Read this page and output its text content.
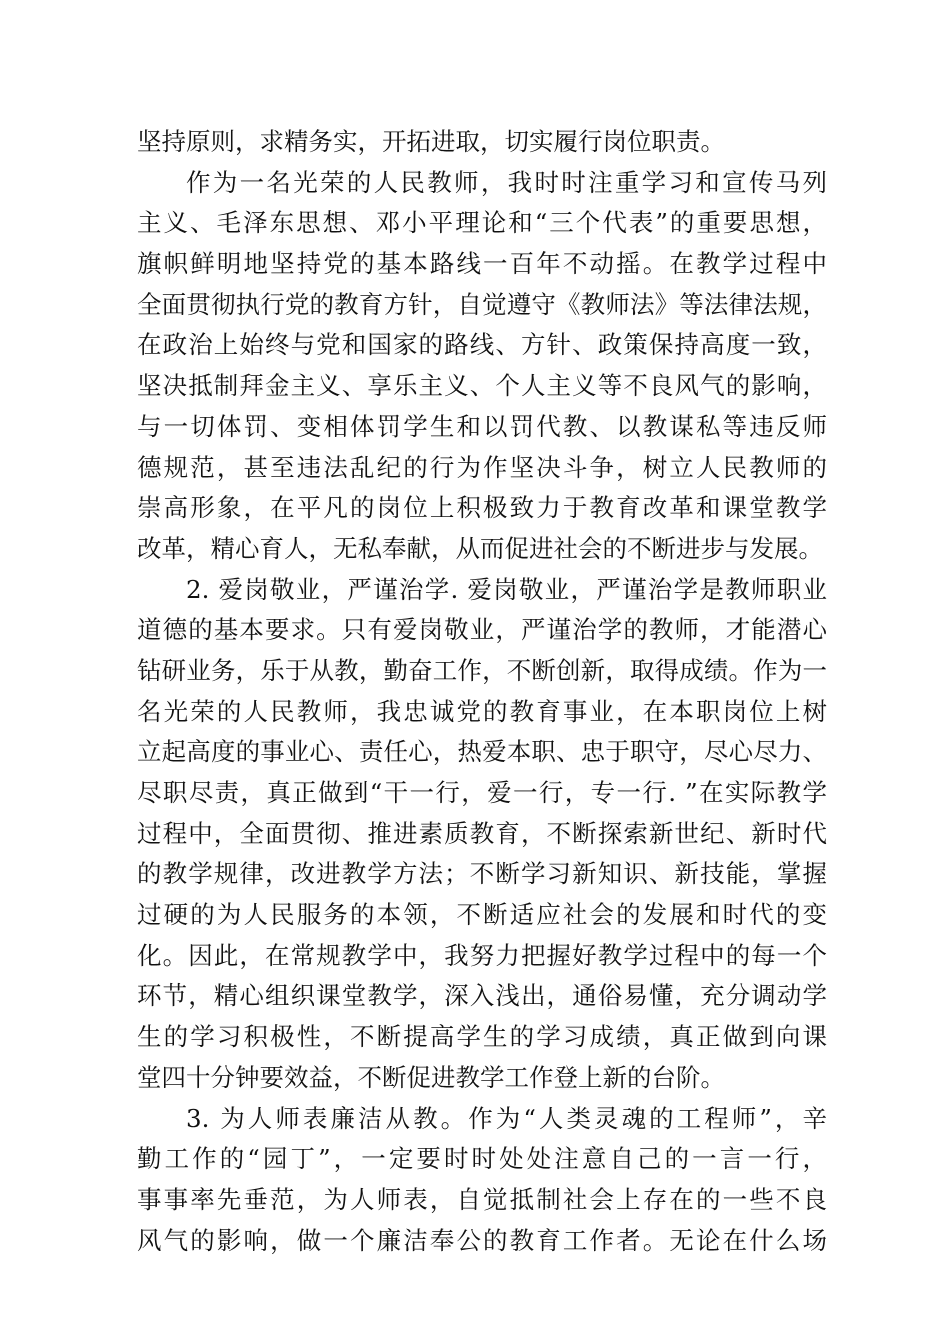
坚持原则，求精务实，开拓进取，切实履行岗位职责。
作为一名光荣的人民教师，我时时注重学习和宣传马列
主义、毛泽东思想、邓小平理论和“三个代表”的重要思想，
旗帜鲜明地坚持党的基本路线一百年不动摇。在教学过程中
全面贯彻执行党的教育方针，自觉遵守《教师法》等法律法规，
在政治上始终与党和国家的路线、方针、政策保持高度一致，
坚决抵制拜金主义、享乐主义、个人主义等不良风气的影响，
与一切体罚、变相体罚学生和以罚代教、以教谋私等违反师
德规范，甚至违法乱纪的行为作坚决斗争，树立人民教师的
崇高形象，在平凡的岗位上积极致力于教育改革和课堂教学
改革，精心育人，无私奉献，从而促进社会的不断进步与发展。
2. 爱岗敬业，严谨治学. 爱岗敬业，严谨治学是教师职业
道德的基本要求。只有爱岗敬业，严谨治学的教师，才能潜心
钻研业务，乐于从教，勤奋工作，不断创新，取得成绩。作为一
名光荣的人民教师，我忠诚党的教育事业，在本职岗位上树
立起高度的事业心、责任心，热爱本职、忠于职守，尽心尽力、
尽职尽责，真正做到“干一行，爱一行，专一行. ”在实际教学
过程中，全面贯彻、推进素质教育，不断探索新世纪、新时代
的教学规律，改进教学方法；不断学习新知识、新技能，掌握
过硬的为人民服务的本领，不断适应社会的发展和时代的变
化。因此，在常规教学中，我努力把握好教学过程中的每一个
环节，精心组织课堂教学，深入浅出，通俗易懂，充分调动学
生的学习积极性，不断提高学生的学习成绩，真正做到向课
堂四十分钟要效益，不断促进教学工作登上新的台阶。
3. 为人师表廉洁从教。作为“人类灵魂的工程师”，辛
勤工作的“园丁”，一定要时时处处注意自己的一言一行，
事事率先垂范，为人师表，自觉抵制社会上存在的一些不良
风气的影响，做一个廉洁奉公的教育工作者。无论在什么场
